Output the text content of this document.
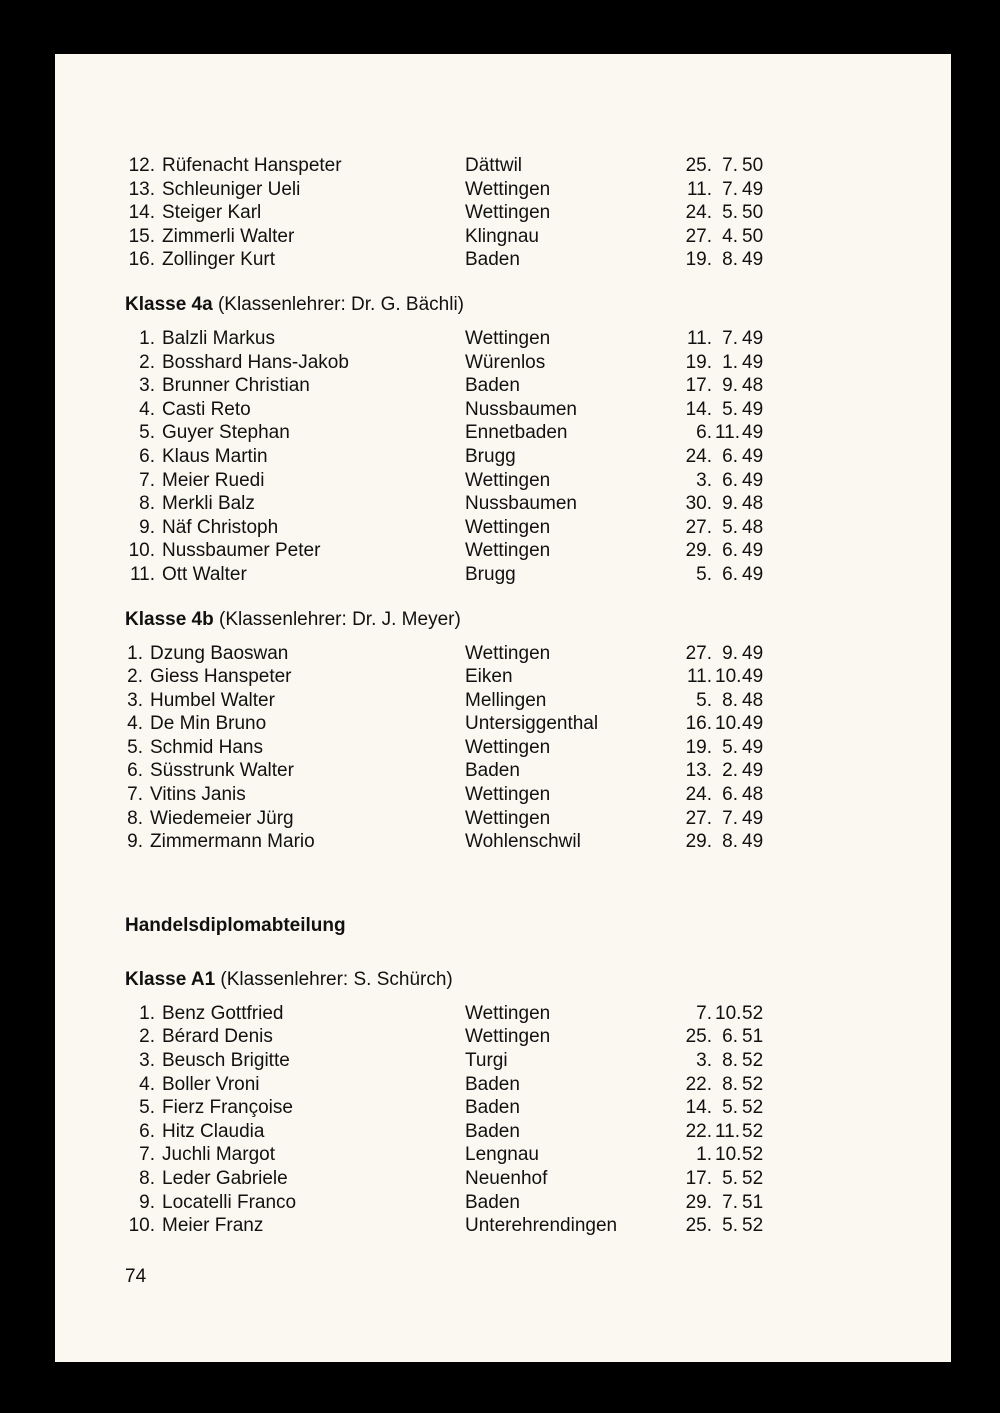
12. Rüfenacht Hanspeter	Dättwil	25. 7. 50
13. Schleuniger Ueli	Wettingen	11. 7. 49
14. Steiger Karl	Wettingen	24. 5. 50
15. Zimmerli Walter	Klingnau	27. 4. 50
16. Zollinger Kurt	Baden	19. 8. 49
Klasse 4a (Klassenlehrer: Dr. G. Bächli)
1. Balzli Markus	Wettingen	11. 7. 49
2. Bosshard Hans-Jakob	Würenlos	19. 1. 49
3. Brunner Christian	Baden	17. 9. 48
4. Casti Reto	Nussbaumen	14. 5. 49
5. Guyer Stephan	Ennetbaden	6. 11. 49
6. Klaus Martin	Brugg	24. 6. 49
7. Meier Ruedi	Wettingen	3. 6. 49
8. Merkli Balz	Nussbaumen	30. 9. 48
9. Näf Christoph	Wettingen	27. 5. 48
10. Nussbaumer Peter	Wettingen	29. 6. 49
11. Ott Walter	Brugg	5. 6. 49
Klasse 4b (Klassenlehrer: Dr. J. Meyer)
1. Dzung Baoswan	Wettingen	27. 9. 49
2. Giess Hanspeter	Eiken	11. 10. 49
3. Humbel Walter	Mellingen	5. 8. 48
4. De Min Bruno	Untersiggenthal	16. 10. 49
5. Schmid Hans	Wettingen	19. 5. 49
6. Süsstrunk Walter	Baden	13. 2. 49
7. Vitins Janis	Wettingen	24. 6. 48
8. Wiedemeier Jürg	Wettingen	27. 7. 49
9. Zimmermann Mario	Wohlenschwil	29. 8. 49
Handelsdiplomabteilung
Klasse A1 (Klassenlehrer: S. Schürch)
1. Benz Gottfried	Wettingen	7. 10. 52
2. Bérard Denis	Wettingen	25. 6. 51
3. Beusch Brigitte	Turgi	3. 8. 52
4. Boller Vroni	Baden	22. 8. 52
5. Fierz Françoise	Baden	14. 5. 52
6. Hitz Claudia	Baden	22. 11. 52
7. Juchli Margot	Lengnau	1. 10. 52
8. Leder Gabriele	Neuenhof	17. 5. 52
9. Locatelli Franco	Baden	29. 7. 51
10. Meier Franz	Unterehrendingen	25. 5. 52
74
